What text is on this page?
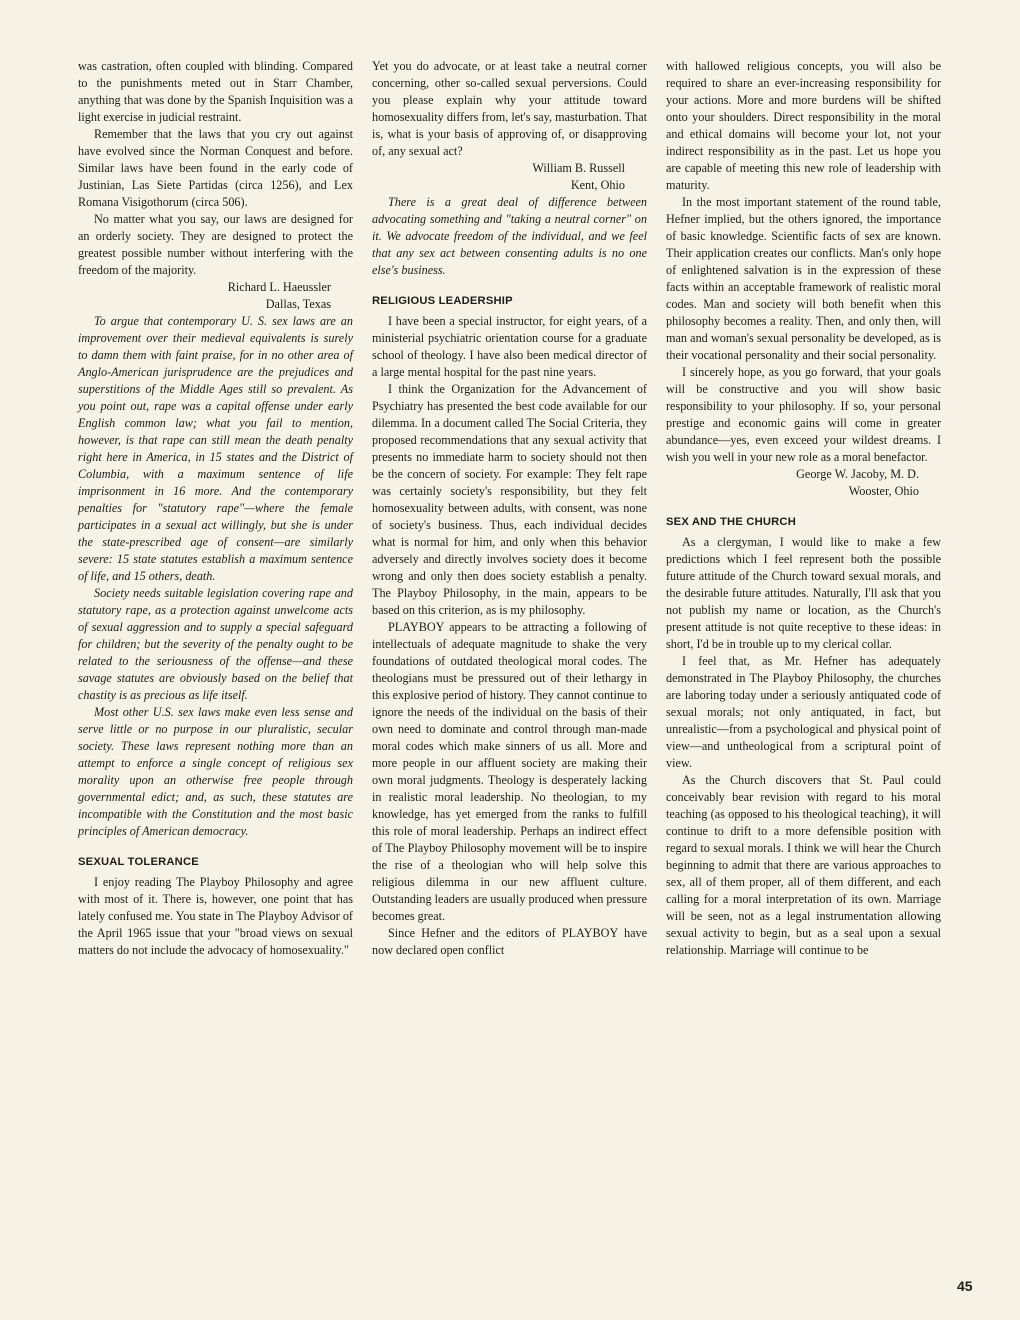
was castration, often coupled with blinding. Compared to the punishments meted out in Starr Chamber, anything that was done by the Spanish Inquisition was a light exercise in judicial restraint.

Remember that the laws that you cry out against have evolved since the Norman Conquest and before. Similar laws have been found in the early code of Justinian, Las Siete Partidas (circa 1256), and Lex Romana Visigothorum (circa 506).

No matter what you say, our laws are designed for an orderly society. They are designed to protect the greatest possible number without interfering with the freedom of the majority.

Richard L. Haeussler
Dallas, Texas

To argue that contemporary U. S. sex laws are an improvement over their medieval equivalents is surely to damn them with faint praise, for in no other area of Anglo-American jurisprudence are the prejudices and superstitions of the Middle Ages still so prevalent. As you point out, rape was a capital offense under early English common law; what you fail to mention, however, is that rape can still mean the death penalty right here in America, in 15 states and the District of Columbia, with a maximum sentence of life imprisonment in 16 more. And the contemporary penalties for "statutory rape"—where the female participates in a sexual act willingly, but she is under the state-prescribed age of consent—are similarly severe: 15 state statutes establish a maximum sentence of life, and 15 others, death.

Society needs suitable legislation covering rape and statutory rape, as a protection against unwelcome acts of sexual aggression and to supply a special safeguard for children; but the severity of the penalty ought to be related to the seriousness of the offense—and these savage statutes are obviously based on the belief that chastity is as precious as life itself.

Most other U.S. sex laws make even less sense and serve little or no purpose in our pluralistic, secular society. These laws represent nothing more than an attempt to enforce a single concept of religious sex morality upon an otherwise free people through governmental edict; and, as such, these statutes are incompatible with the Constitution and the most basic principles of American democracy.

SEXUAL TOLERANCE

I enjoy reading The Playboy Philosophy and agree with most of it. There is, however, one point that has lately confused me. You state in The Playboy Advisor of the April 1965 issue that your "broad views on sexual matters do not include the advocacy of homosexuality."

Yet you do advocate, or at least take a neutral corner concerning, other so-called sexual perversions. Could you please explain why your attitude toward homosexuality differs from, let's say, masturbation. That is, what is your basis of approving of, or disapproving of, any sexual act?

William B. Russell
Kent, Ohio

There is a great deal of difference between advocating something and "taking a neutral corner" on it. We advocate freedom of the individual, and we feel that any sex act between consenting adults is no one else's business.

RELIGIOUS LEADERSHIP

I have been a special instructor, for eight years, of a ministerial psychiatric orientation course for a graduate school of theology. I have also been medical director of a large mental hospital for the past nine years.

I think the Organization for the Advancement of Psychiatry has presented the best code available for our dilemma. In a document called The Social Criteria, they proposed recommendations that any sexual activity that presents no immediate harm to society should not then be the concern of society. For example: They felt rape was certainly society's responsibility, but they felt homosexuality between adults, with consent, was none of society's business. Thus, each individual decides what is normal for him, and only when this behavior adversely and directly involves society does it become wrong and only then does society establish a penalty. The Playboy Philosophy, in the main, appears to be based on this criterion, as is my philosophy.

PLAYBOY appears to be attracting a following of intellectuals of adequate magnitude to shake the very foundations of outdated theological moral codes. The theologians must be pressured out of their lethargy in this explosive period of history. They cannot continue to ignore the needs of the individual on the basis of their own need to dominate and control through man-made moral codes which make sinners of us all. More and more people in our affluent society are making their own moral judgments. Theology is desperately lacking in realistic moral leadership. No theologian, to my knowledge, has yet emerged from the ranks to fulfill this role of moral leadership. Perhaps an indirect effect of The Playboy Philosophy movement will be to inspire the rise of a theologian who will help solve this religious dilemma in our new affluent culture. Outstanding leaders are usually produced when pressure becomes great.

Since Hefner and the editors of PLAYBOY have now declared open conflict

with hallowed religious concepts, you will also be required to share an ever-increasing responsibility for your actions. More and more burdens will be shifted onto your shoulders. Direct responsibility in the moral and ethical domains will become your lot, not your indirect responsibility as in the past. Let us hope you are capable of meeting this new role of leadership with maturity.

In the most important statement of the round table, Hefner implied, but the others ignored, the importance of basic knowledge. Scientific facts of sex are known. Their application creates our conflicts. Man's only hope of enlightened salvation is in the expression of these facts within an acceptable framework of realistic moral codes. Man and society will both benefit when this philosophy becomes a reality. Then, and only then, will man and woman's sexual personality be developed, as is their vocational personality and their social personality.

I sincerely hope, as you go forward, that your goals will be constructive and you will show basic responsibility to your philosophy. If so, your personal prestige and economic gains will come in greater abundance—yes, even exceed your wildest dreams. I wish you well in your new role as a moral benefactor.

George W. Jacoby, M. D.
Wooster, Ohio
SEX AND THE CHURCH

As a clergyman, I would like to make a few predictions which I feel represent both the possible future attitude of the Church toward sexual morals, and the desirable future attitudes. Naturally, I'll ask that you not publish my name or location, as the Church's present attitude is not quite receptive to these ideas: in short, I'd be in trouble up to my clerical collar.

I feel that, as Mr. Hefner has adequately demonstrated in The Playboy Philosophy, the churches are laboring today under a seriously antiquated code of sexual morals; not only antiquated, in fact, but unrealistic—from a psychological and physical point of view—and untheological from a scriptural point of view.

As the Church discovers that St. Paul could conceivably bear revision with regard to his moral teaching (as opposed to his theological teaching), it will continue to drift to a more defensible position with regard to sexual morals. I think we will hear the Church beginning to admit that there are various approaches to sex, all of them proper, all of them different, and each calling for a moral interpretation of its own. Marriage will be seen, not as a legal instrumentation allowing sexual activity to begin, but as a seal upon a sexual relationship. Marriage will continue to be

45
